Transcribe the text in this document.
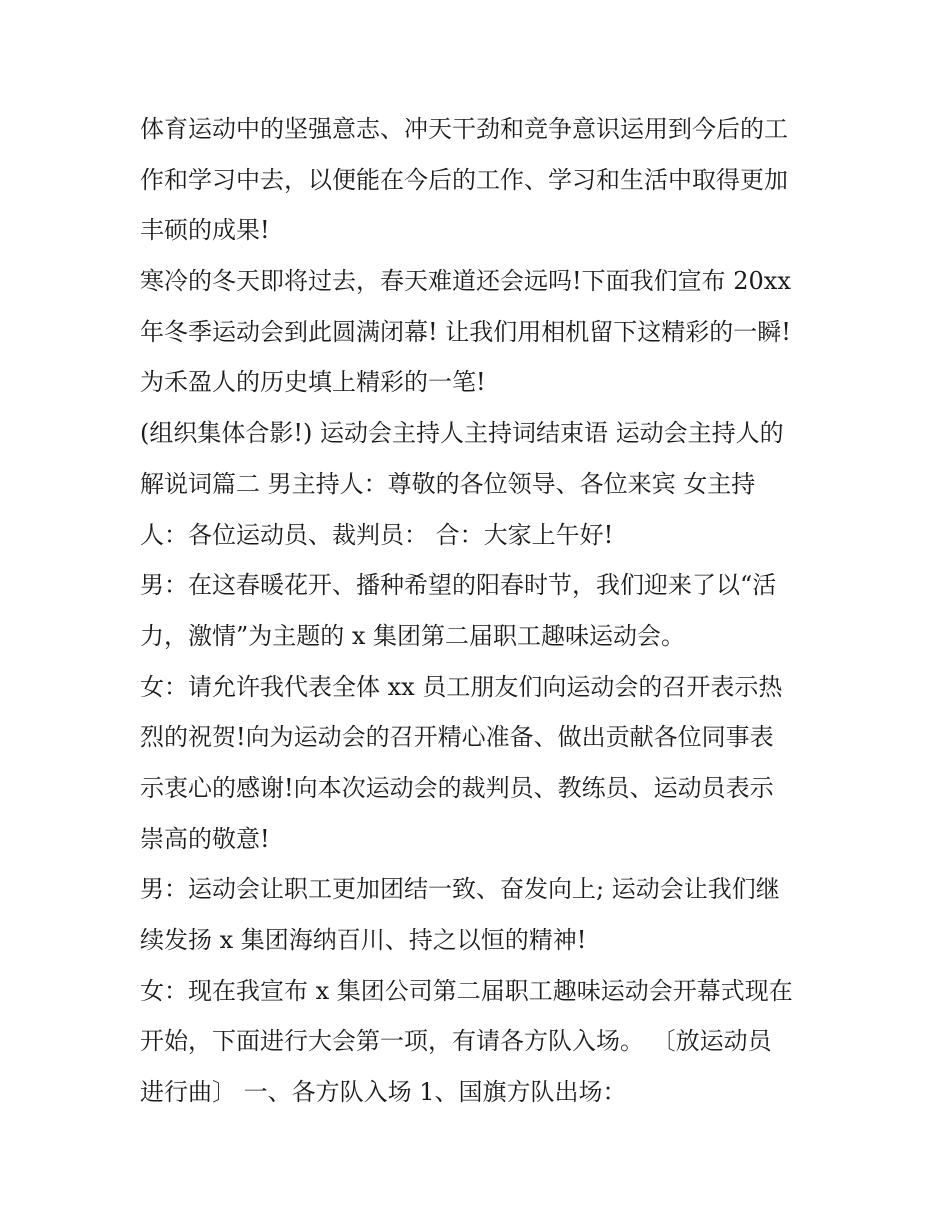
体育运动中的坚强意志、冲天干劲和竞争意识运用到今后的工
作和学习中去，以便能在今后的工作、学习和生活中取得更加
丰硕的成果!
寒冷的冬天即将过去，春天难道还会远吗!下面我们宣布 20xx
年冬季运动会到此圆满闭幕! 让我们用相机留下这精彩的一瞬!
为禾盈人的历史填上精彩的一笔!
(组织集体合影!) 运动会主持人主持词结束语 运动会主持人的
解说词篇二 男主持人：尊敬的各位领导、各位来宾 女主持
人：各位运动员、裁判员： 合：大家上午好!
男：在这春暖花开、播种希望的阳春时节，我们迎来了以“活
力，激情”为主题的 x 集团第二届职工趣味运动会。
女：请允许我代表全体 xx 员工朋友们向运动会的召开表示热
烈的祝贺!向为运动会的召开精心准备、做出贡献各位同事表
示衷心的感谢!向本次运动会的裁判员、教练员、运动员表示
崇高的敬意!
男：运动会让职工更加团结一致、奋发向上; 运动会让我们继
续发扬 x 集团海纳百川、持之以恒的精神!
女：现在我宣布 x 集团公司第二届职工趣味运动会开幕式现在
开始，下面进行大会第一项，有请各方队入场。 〔放运动员
进行曲〕 一、各方队入场 1、国旗方队出场：
